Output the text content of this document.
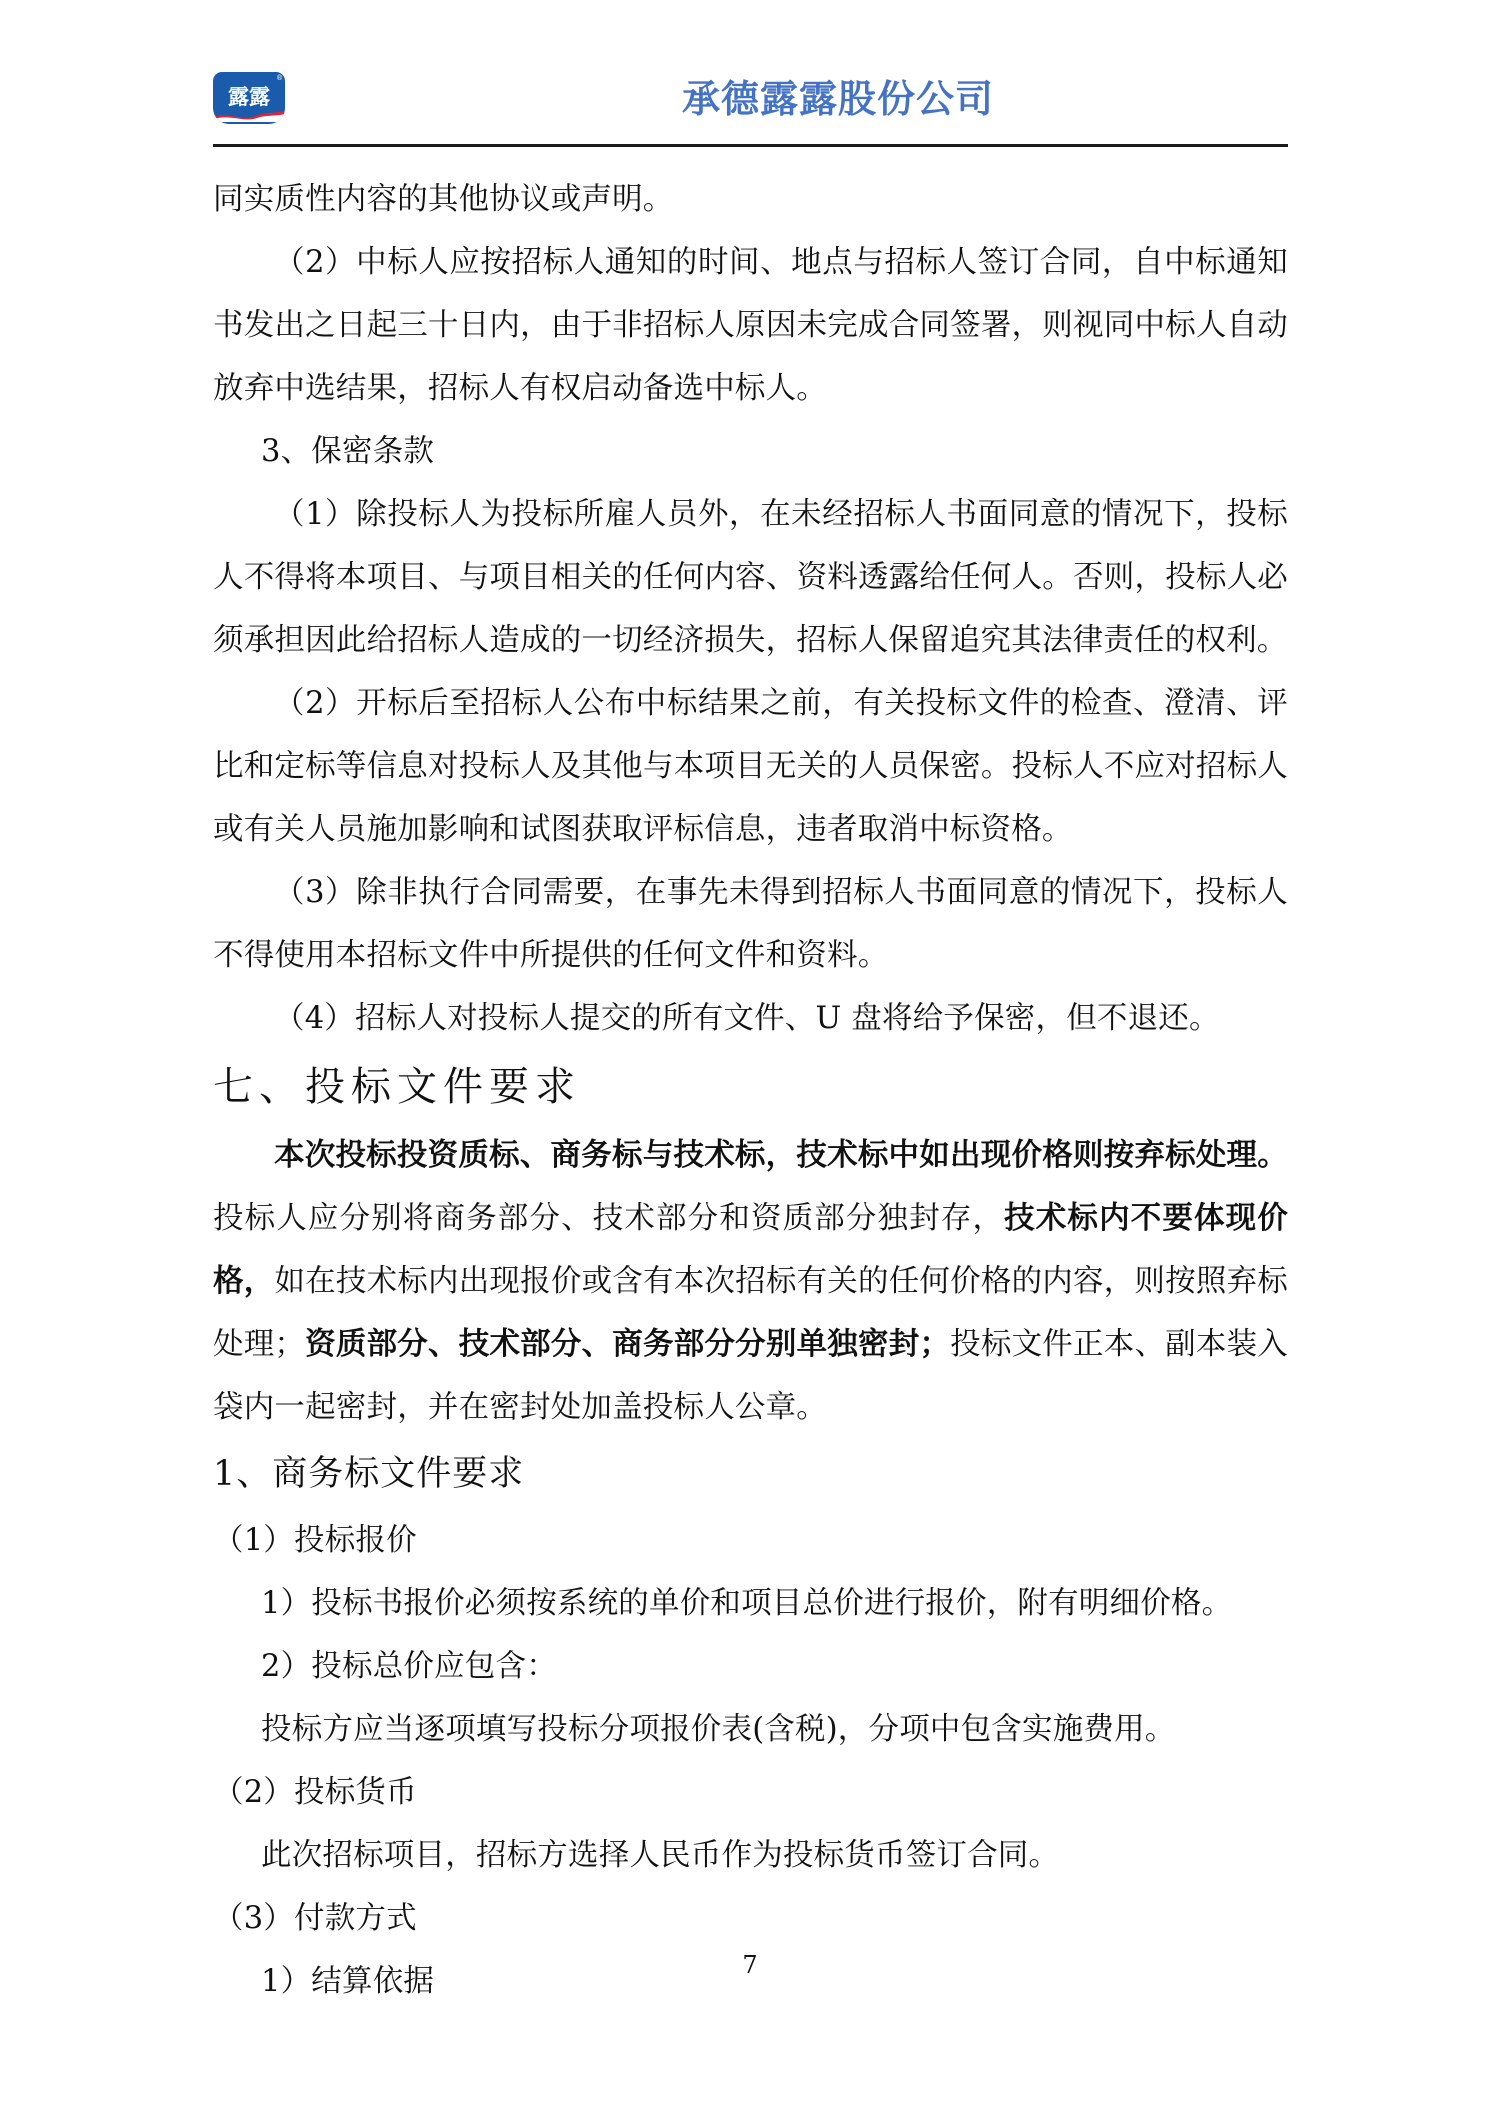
®
露露	承德露露股份公司

同实质性内容的其他协议或声明。

（2）中标人应按招标人通知的时间、地点与招标人签订合同，自中标通知书发出之日起三十日内，由于非招标人原因未完成合同签署，则视同中标人自动放弃中选结果，招标人有权启动备选中标人。

3、保密条款

（1）除投标人为投标所雇人员外，在未经招标人书面同意的情况下，投标人不得将本项目、与项目相关的任何内容、资料透露给任何人。否则，投标人必须承担因此给招标人造成的一切经济损失，招标人保留追究其法律责任的权利。

（2）开标后至招标人公布中标结果之前，有关投标文件的检查、澄清、评比和定标等信息对投标人及其他与本项目无关的人员保密。投标人不应对招标人或有关人员施加影响和试图获取评标信息，违者取消中标资格。

（3）除非执行合同需要，在事先未得到招标人书面同意的情况下，投标人不得使用本招标文件中所提供的任何文件和资料。

（4）招标人对投标人提交的所有文件、U 盘将给予保密，但不退还。

七、投标文件要求

本次投标投资质标、商务标与技术标，技术标中如出现价格则按弃标处理。投标人应分别将商务部分、技术部分和资质部分独封存，技术标内不要体现价格，如在技术标内出现报价或含有本次招标有关的任何价格的内容，则按照弃标处理；资质部分、技术部分、商务部分分别单独密封；投标文件正本、副本装入袋内一起密封，并在密封处加盖投标人公章。

1、商务标文件要求

（1）投标报价

1）投标书报价必须按系统的单价和项目总价进行报价，附有明细价格。

2）投标总价应包含：

投标方应当逐项填写投标分项报价表(含税)，分项中包含实施费用。

（2）投标货币

此次招标项目，招标方选择人民币作为投标货币签订合同。

（3）付款方式

1）结算依据	7
